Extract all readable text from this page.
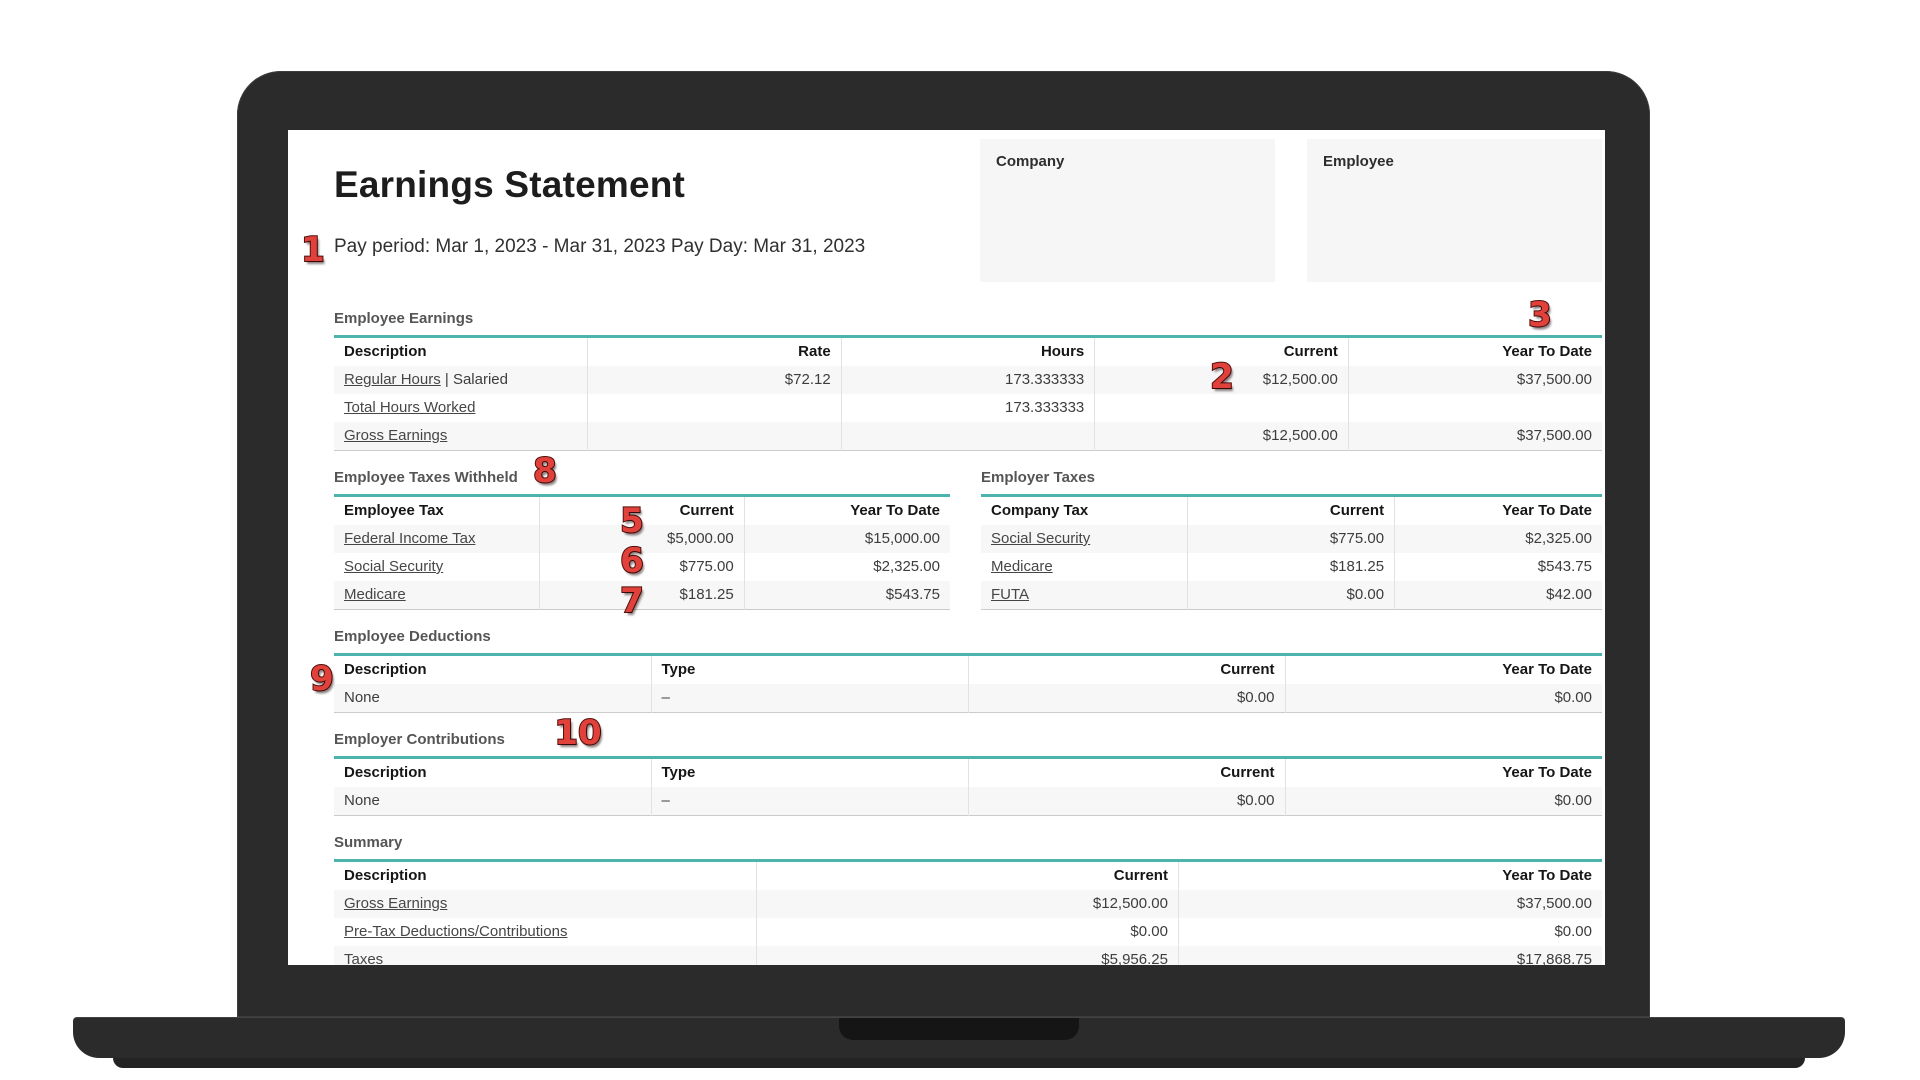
Earnings Statement
Pay period: Mar 1, 2023 - Mar 31, 2023 Pay Day: Mar 31, 2023
Company	Employee
Employee Earnings
Description	Rate	Hours	Current	Year To Date
Regular Hours | Salaried	$72.12	173.333333	$12,500.00	$37,500.00
Total Hours Worked		173.333333		
Gross Earnings			$12,500.00	$37,500.00
Employee Taxes Withheld
Employee Tax	Current	Year To Date
Federal Income Tax	$5,000.00	$15,000.00
Social Security	$775.00	$2,325.00
Medicare	$181.25	$543.75
Employer Taxes
Company Tax	Current	Year To Date
Social Security	$775.00	$2,325.00
Medicare	$181.25	$543.75
FUTA	$0.00	$42.00
Employee Deductions
Description	Type	Current	Year To Date
None	–	$0.00	$0.00
Employer Contributions
Description	Type	Current	Year To Date
None	–	$0.00	$0.00
Summary
Description	Current	Year To Date
Gross Earnings	$12,500.00	$37,500.00
Pre-Tax Deductions/Contributions	$0.00	$0.00
Taxes	$5,956.25	$17,868.75
1
2
3
5
6
7
8
9
10
